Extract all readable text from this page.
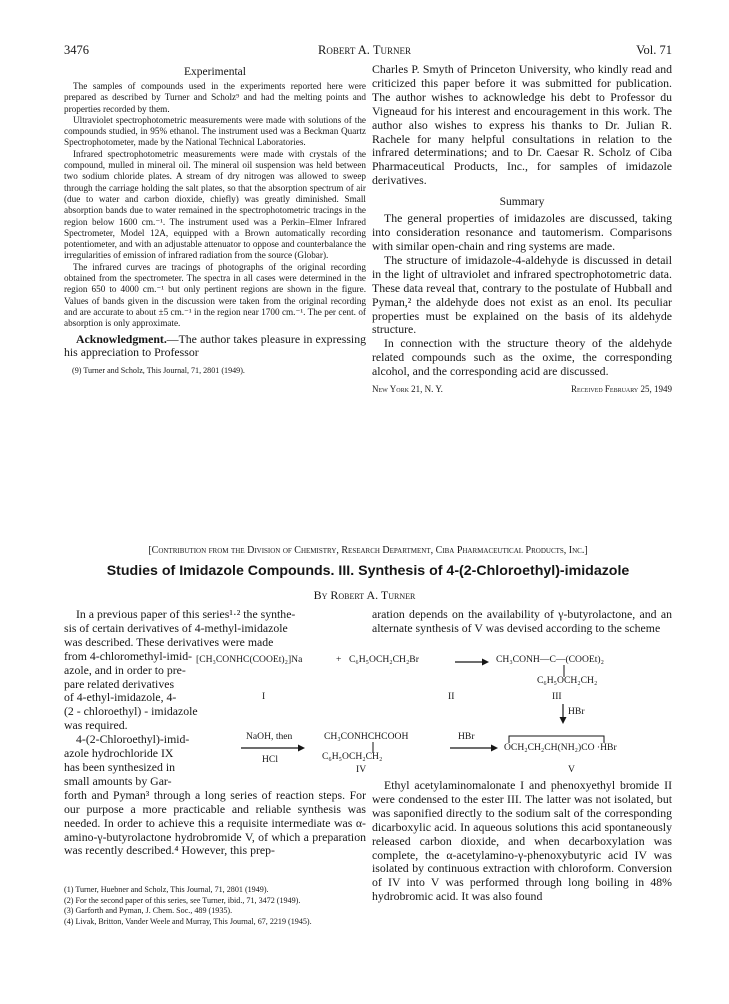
3476	Robert A. Turner	Vol. 71
Experimental

The samples of compounds used in the experiments reported here were prepared as described by Turner and Scholz⁹ and had the melting points and properties recorded by them.

Ultraviolet spectrophotometric measurements were made with solutions of the compounds studied, in 95% ethanol. The instrument used was a Beckman Quartz Spectrophotometer, made by the National Technical Laboratories.

Infrared spectrophotometric measurements were made with crystals of the compound, mulled in mineral oil. The mineral oil suspension was held between two sodium chloride plates. A stream of dry nitrogen was allowed to sweep through the carriage holding the salt plates, so that the absorption spectrum of air (due to water and carbon dioxide, chiefly) was greatly diminished. Small absorption bands due to water remained in the spectrophotometric tracings in the region below 1600 cm.⁻¹. The instrument used was a Perkin–Elmer Infrared Spectrometer, Model 12A, equipped with a Brown automatically recording potentiometer, and with an adjustable attenuator to oppose and counterbalance the irregularities of emission of infrared radiation from the source (Globar).

The infrared curves are tracings of photographs of the original recording obtained from the spectrometer. The spectra in all cases were determined in the region 650 to 4000 cm.⁻¹ but only pertinent regions are shown in the figure. Values of bands given in the discussion were taken from the original recording and are accurate to about ±5 cm.⁻¹ in the region near 1700 cm.⁻¹. The per cent. of absorption is only approximate.

Acknowledgment.—The author takes pleasure in expressing his appreciation to Professor

(9) Turner and Scholz, This Journal, 71, 2801 (1949).

Charles P. Smyth of Princeton University, who kindly read and criticized this paper before it was submitted for publication. The author wishes to acknowledge his debt to Professor du Vigneaud for his interest and encouragement in this work. The author also wishes to express his thanks to Dr. Julian R. Rachele for many helpful consultations in relation to the infrared determinations; and to Dr. Caesar R. Scholz of Ciba Pharmaceutical Products, Inc., for samples of imidazole derivatives.

Summary

The general properties of imidazoles are discussed, taking into consideration resonance and tautomerism. Comparisons with similar open-chain and ring systems are made.

The structure of imidazole-4-aldehyde is discussed in detail in the light of ultraviolet and infrared spectrophotometric data. These data reveal that, contrary to the postulate of Hubball and Pyman,² the aldehyde does not exist as an enol. Its peculiar properties must be explained on the basis of its aldehyde structure.

In connection with the structure theory of the aldehyde related compounds such as the oxime, the corresponding alcohol, and the corresponding acid are discussed.

New York 21, N. Y.	Received February 25, 1949
[Contribution from the Division of Chemistry, Research Department, Ciba Pharmaceutical Products, Inc.]
Studies of Imidazole Compounds. III. Synthesis of 4-(2-Chloroethyl)-imidazole
By Robert A. Turner
In a previous paper of this series¹·² the synthe-
sis of certain derivatives of 4-methyl-imidazole
was described. These derivatives were made
from 4-chloromethyl-imid-
azole, and in order to pre-
pare related derivatives
of 4-ethyl-imidazole, 4-
(2 - chloroethyl) - imidazole
was required.
4-(2-Chloroethyl)-imid-
azole hydrochloride IX
has been synthesized in
small amounts by Gar-
forth and Pyman³ through a long series of reaction steps. For our purpose a more practicable and reliable synthesis was needed. In order to achieve this a requisite intermediate was α-amino-γ-butyrolactone hydrobromide V, of which a preparation was recently described.⁴ However, this prep-
(1) Turner, Huebner and Scholz, This Journal, 71, 2801 (1949).
(2) For the second paper of this series, see Turner, ibid., 71, 3472 (1949).
(3) Garforth and Pyman, J. Chem. Soc., 489 (1935).
(4) Livak, Britton, Vander Weele and Murray, This Journal, 67, 2219 (1945).

aration depends on the availability of γ-butyrolactone, and an alternate synthesis of V was devised according to the scheme

[CH₃CONHC(COOEt)₂]Na	+ C₆H₅OCH₂CH₂Br	CH₃CONH—C—(COOEt)₂
C₆H₅OCH₂CH₂
I	II	III
HBr
NaOH, then
HCl
CH₃CONHCHCOOH
C₆H₅OCH₂CH₂
IV
HBr
OCH₂CH₂CH(NH₂)CO ·HBr
V

Ethyl acetylaminomalonate I and phenoxyethyl bromide II were condensed to the ester III. The latter was not isolated, but was saponified directly to the sodium salt of the corresponding dicarboxylic acid. In aqueous solutions this acid spontaneously released carbon dioxide, and when decarboxylation was complete, the α-acetylamino-γ-phenoxybutyric acid IV was isolated by continuous extraction with chloroform. Conversion of IV into V was performed through long boiling in 48% hydrobromic acid. It was also found
